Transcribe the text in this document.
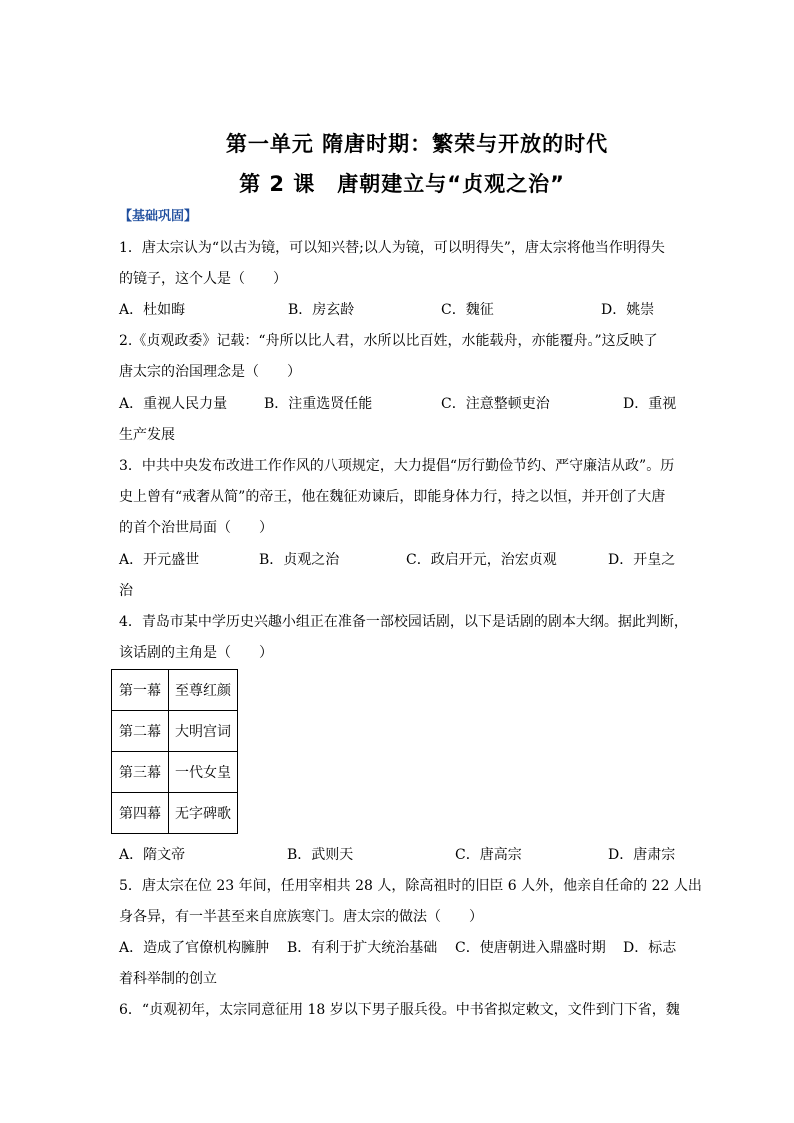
第一单元 隋唐时期：繁荣与开放的时代
第 2 课　唐朝建立与“贞观之治”
【基础巩固】
1．唐太宗认为“以古为镜，可以知兴替;以人为镜，可以明得失”，唐太宗将他当作明得失
的镜子，这个人是（　　）
A．杜如晦	B．房玄龄	C．魏征	D．姚崇
2.《贞观政委》记载：“舟所以比人君，水所以比百姓，水能载舟，亦能覆舟。”这反映了
唐太宗的治国理念是（　　）
A．重视人民力量	B．注重选贤任能	C．注意整顿吏治	D．重视
生产发展
3．中共中央发布改进工作作风的八项规定，大力提倡“厉行勤俭节约、严守廉洁从政”。历
史上曾有“戒奢从简”的帝王，他在魏征劝谏后，即能身体力行，持之以恒，并开创了大唐
的首个治世局面（　　）
A．开元盛世	B．贞观之治	C．政启开元，治宏贞观	D．开皇之
治
4．青岛市某中学历史兴趣小组正在准备一部校园话剧，以下是话剧的剧本大纲。据此判断，
该话剧的主角是（　　）
第一幕	至尊红颜
第二幕	大明宫词
第三幕	一代女皇
第四幕	无字碑歌
A．隋文帝	B．武则天	C．唐高宗	D．唐肃宗
5．唐太宗在位 23 年间，任用宰相共 28 人，除高祖时的旧臣 6 人外，他亲自任命的 22 人出
身各异，有一半甚至来自庶族寒门。唐太宗的做法（　　）
A．造成了官僚机构臃肿 B．有利于扩大统治基础 C．使唐朝进入鼎盛时期 D．标志
着科举制的创立
6．“贞观初年，太宗同意征用 18 岁以下男子服兵役。中书省拟定敕文，文件到门下省，魏
